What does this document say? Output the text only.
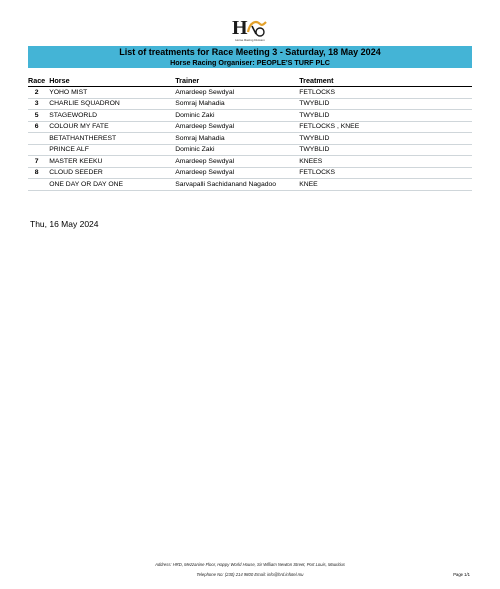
H
Horse Racing Division
List of treatments for Race Meeting 3 - Saturday, 18 May 2024
Horse Racing Organiser: PEOPLE'S TURF PLC
Race	Horse	Trainer	Treatment
2	YOHO MIST	Amardeep Sewdyal	FETLOCKS
3	CHARLIE SQUADRON	Somraj Mahadia	TWYBLID
5	STAGEWORLD	Dominic Zaki	TWYBLID
6	COLOUR MY FATE	Amardeep Sewdyal	FETLOCKS , KNEE
	BETATHANTHEREST	Somraj Mahadia	TWYBLID
	PRINCE ALF	Dominic Zaki	TWYBLID
7	MASTER KEEKU	Amardeep Sewdyal	KNEES
8	CLOUD SEEDER	Amardeep Sewdyal	FETLOCKS
	ONE DAY OR DAY ONE	Sarvapalli Sachidanand Nagadoo	KNEE
Thu, 16 May 2024
Address: HRD, Mezzanine Floor, Happy World House, Sir William Newton Street, Port Louis, Mauritius
Telephone No: (230) 214 9800 Email: info@hrd.infotel.mu	Page 1/1
